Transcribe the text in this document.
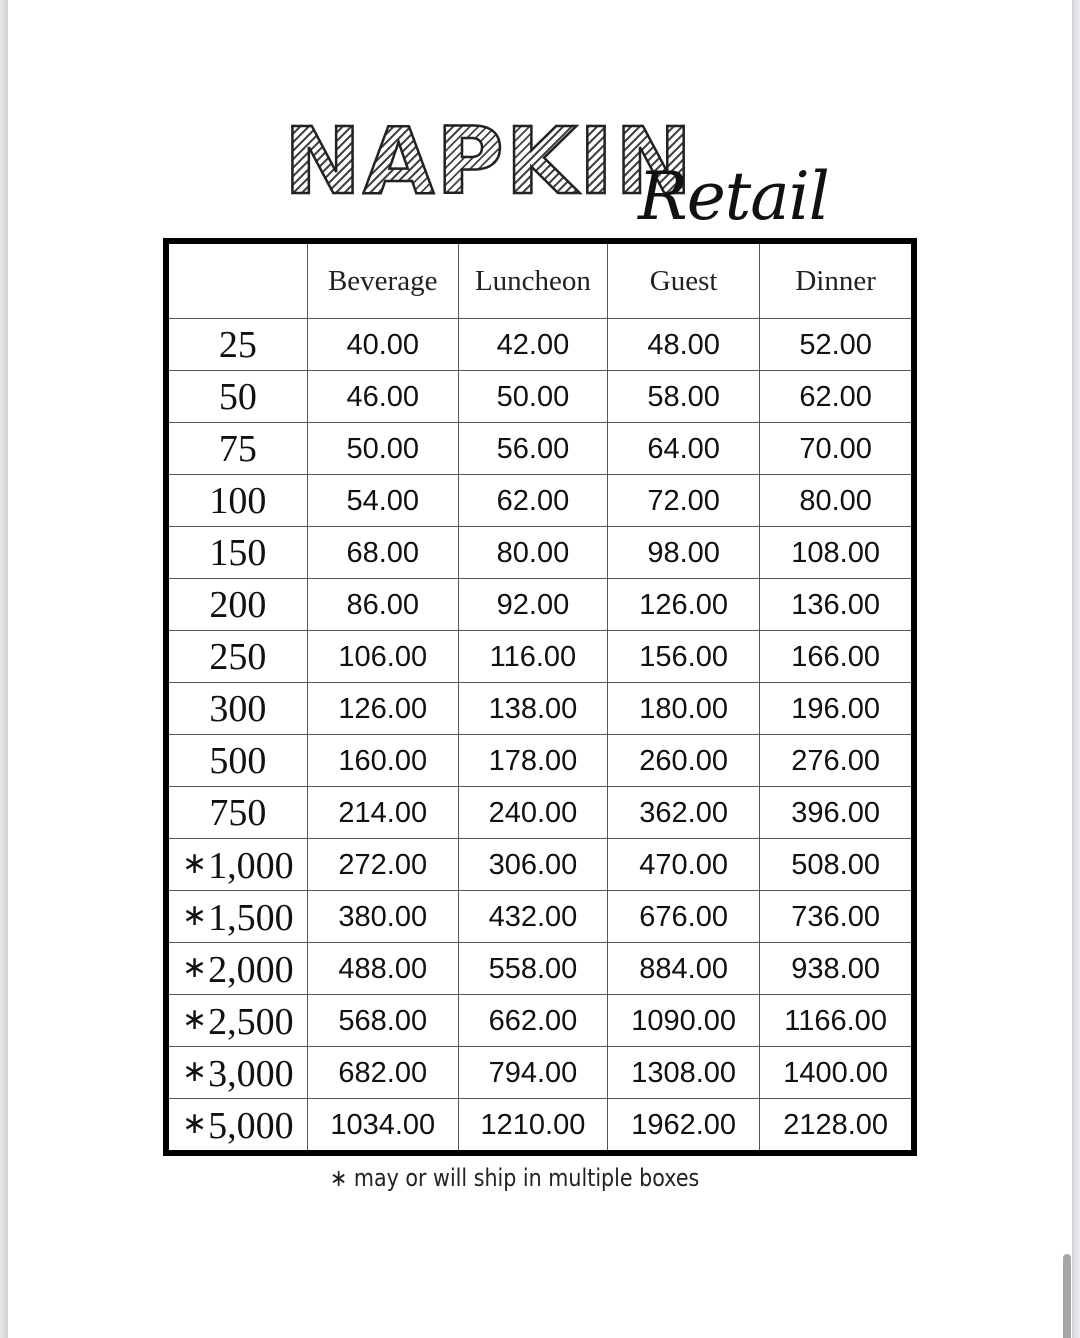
NAPKIN
Retail
	Beverage	Luncheon	Guest	Dinner
25	40.00	42.00	48.00	52.00
50	46.00	50.00	58.00	62.00
75	50.00	56.00	64.00	70.00
100	54.00	62.00	72.00	80.00
150	68.00	80.00	98.00	108.00
200	86.00	92.00	126.00	136.00
250	106.00	116.00	156.00	166.00
300	126.00	138.00	180.00	196.00
500	160.00	178.00	260.00	276.00
750	214.00	240.00	362.00	396.00
∗1,000	272.00	306.00	470.00	508.00
∗1,500	380.00	432.00	676.00	736.00
∗2,000	488.00	558.00	884.00	938.00
∗2,500	568.00	662.00	1090.00	1166.00
∗3,000	682.00	794.00	1308.00	1400.00
∗5,000	1034.00	1210.00	1962.00	2128.00
∗ may or will ship in multiple boxes
